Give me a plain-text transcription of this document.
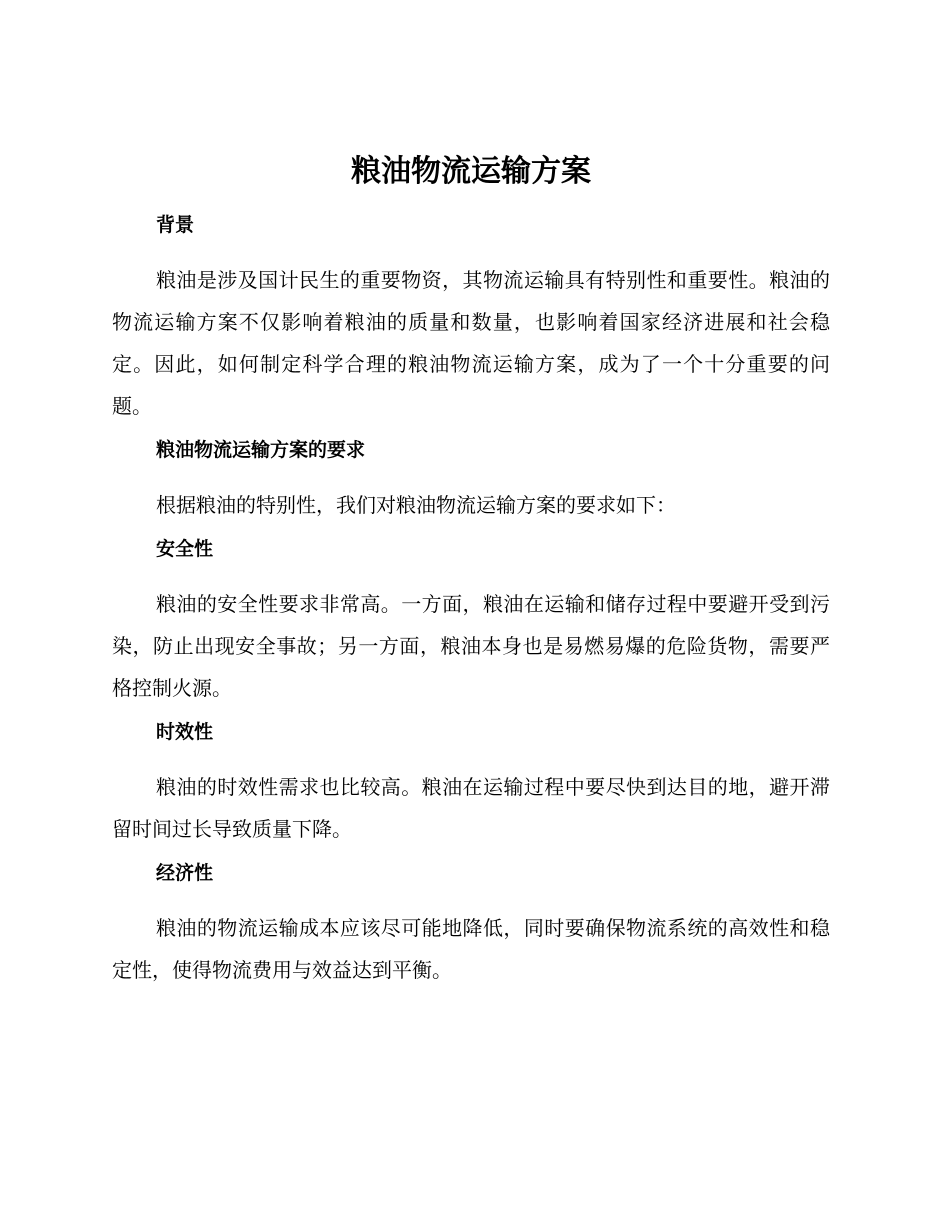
粮油物流运输方案
背景

粮油是涉及国计民生的重要物资，其物流运输具有特别性和重要性。粮油的物流运输方案不仅影响着粮油的质量和数量，也影响着国家经济进展和社会稳定。因此，如何制定科学合理的粮油物流运输方案，成为了一个十分重要的问题。

粮油物流运输方案的要求

根据粮油的特别性，我们对粮油物流运输方案的要求如下：

安全性

粮油的安全性要求非常高。一方面，粮油在运输和储存过程中要避开受到污染，防止出现安全事故；另一方面，粮油本身也是易燃易爆的危险货物，需要严格控制火源。

时效性

粮油的时效性需求也比较高。粮油在运输过程中要尽快到达目的地，避开滞留时间过长导致质量下降。

经济性

粮油的物流运输成本应该尽可能地降低，同时要确保物流系统的高效性和稳定性，使得物流费用与效益达到平衡。
